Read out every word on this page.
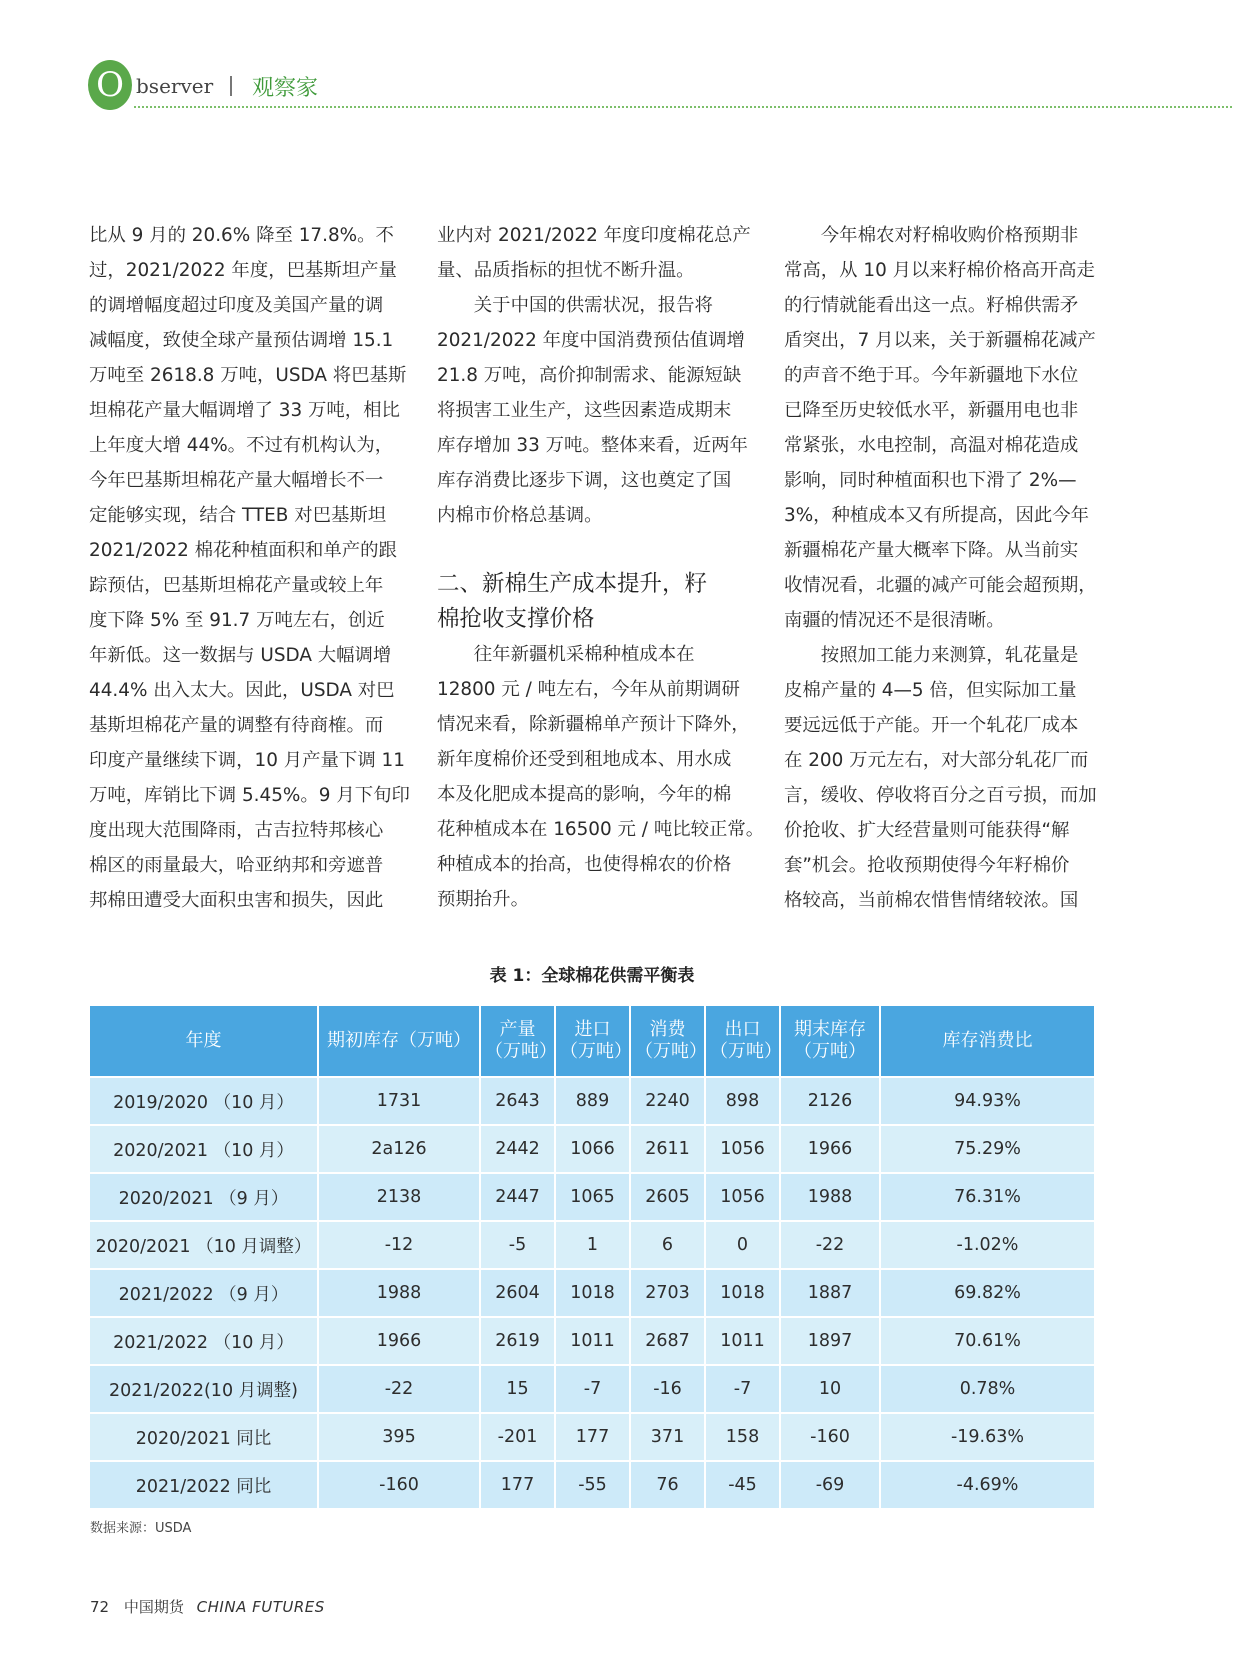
O bserver 观察家

比从 9 月的 20.6% 降至 17.8%。不

过，2021/2022 年度，巴基斯坦产量

的调增幅度超过印度及美国产量的调

减幅度，致使全球产量预估调增 15.1

万吨至 2618.8 万吨，USDA 将巴基斯

坦棉花产量大幅调增了 33 万吨，相比

上年度大增 44%。不过有机构认为，

今年巴基斯坦棉花产量大幅增长不一

定能够实现，结合 TTEB 对巴基斯坦

2021/2022 棉花种植面积和单产的跟

踪预估，巴基斯坦棉花产量或较上年

度下降 5% 至 91.7 万吨左右，创近

年新低。这一数据与 USDA 大幅调增

44.4% 出入太大。因此，USDA 对巴

基斯坦棉花产量的调整有待商榷。而

印度产量继续下调，10 月产量下调 11

万吨，库销比下调 5.45%。9 月下旬印

度出现大范围降雨，古吉拉特邦核心

棉区的雨量最大，哈亚纳邦和旁遮普

邦棉田遭受大面积虫害和损失，因此

业内对 2021/2022 年度印度棉花总产

量、品质指标的担忧不断升温。

　　关于中国的供需状况，报告将

2021/2022 年度中国消费预估值调增

21.8 万吨，高价抑制需求、能源短缺

将损害工业生产，这些因素造成期末

库存增加 33 万吨。整体来看，近两年

库存消费比逐步下调，这也奠定了国

内棉市价格总基调。

二、新棉生产成本提升，籽
棉抢收支撑价格

　　往年新疆机采棉种植成本在

12800 元 / 吨左右，今年从前期调研

情况来看，除新疆棉单产预计下降外，

新年度棉价还受到租地成本、用水成

本及化肥成本提高的影响，今年的棉

花种植成本在 16500 元 / 吨比较正常。

种植成本的抬高，也使得棉农的价格

预期抬升。

　　今年棉农对籽棉收购价格预期非

常高，从 10 月以来籽棉价格高开高走

的行情就能看出这一点。籽棉供需矛

盾突出，7 月以来，关于新疆棉花减产

的声音不绝于耳。今年新疆地下水位

已降至历史较低水平，新疆用电也非

常紧张，水电控制，高温对棉花造成

影响，同时种植面积也下滑了 2%—

3%，种植成本又有所提高，因此今年

新疆棉花产量大概率下降。从当前实

收情况看，北疆的减产可能会超预期，

南疆的情况还不是很清晰。

　　按照加工能力来测算，轧花量是

皮棉产量的 4—5 倍，但实际加工量

要远远低于产能。开一个轧花厂成本

在 200 万元左右，对大部分轧花厂而

言，缓收、停收将百分之百亏损，而加

价抢收、扩大经营量则可能获得“解

套”机会。抢收预期使得今年籽棉价

格较高，当前棉农惜售情绪较浓。国

表 1：全球棉花供需平衡表
年度	期初库存（万吨）	产量
（万吨）	进口
（万吨）	消费
（万吨）	出口
（万吨）	期末库存
（万吨）	库存消费比
2019/2020 （10 月）	1731	2643	889	2240	898	2126	94.93%
2020/2021 （10 月）	2a126	2442	1066	2611	1056	1966	75.29%
2020/2021 （9 月）	2138	2447	1065	2605	1056	1988	76.31%
2020/2021 （10 月调整）	-12	-5	1	6	0	-22	-1.02%
2021/2022 （9 月）	1988	2604	1018	2703	1018	1887	69.82%
2021/2022 （10 月）	1966	2619	1011	2687	1011	1897	70.61%
2021/2022(10 月调整)	-22	15	-7	-16	-7	10	0.78%
2020/2021 同比	395	-201	177	371	158	-160	-19.63%
2021/2022 同比	-160	177	-55	76	-45	-69	-4.69%
数据来源：USDA
72 中国期货 CHINA FUTURES
